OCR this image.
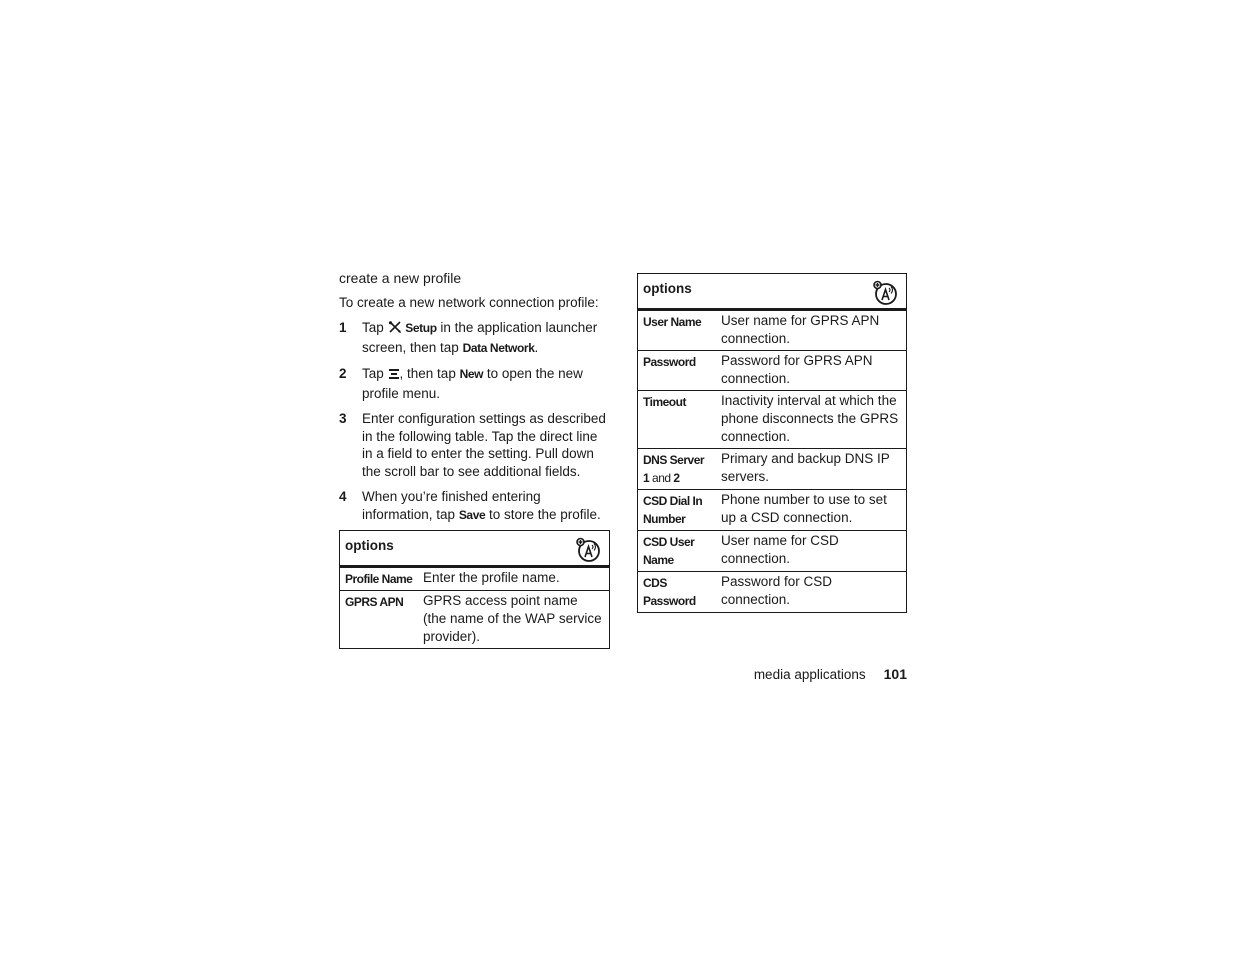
create a new profile
To create a new network connection profile:
1	Tap  Setup in the application launcher screen, then tap Data Network.
2	Tap , then tap New to open the new profile menu.
3	Enter configuration settings as described in the following table. Tap the direct line in a field to enter the setting. Pull down the scroll bar to see additional fields.
4	When you’re finished entering information, tap Save to store the profile.
options	

Profile Name	Enter the profile name.
GPRS APN	GPRS access point name (the name of the WAP service provider).
options	

User Name	User name for GPRS APN connection.
Password	Password for GPRS APN connection.
Timeout	Inactivity interval at which the phone disconnects the GPRS connection.
DNS Server 1 and 2	Primary and backup DNS IP servers.
CSD Dial In Number	Phone number to use to set up a CSD connection.
CSD User Name	User name for CSD connection.
CDS Password	Password for CSD connection.
media applications 101
